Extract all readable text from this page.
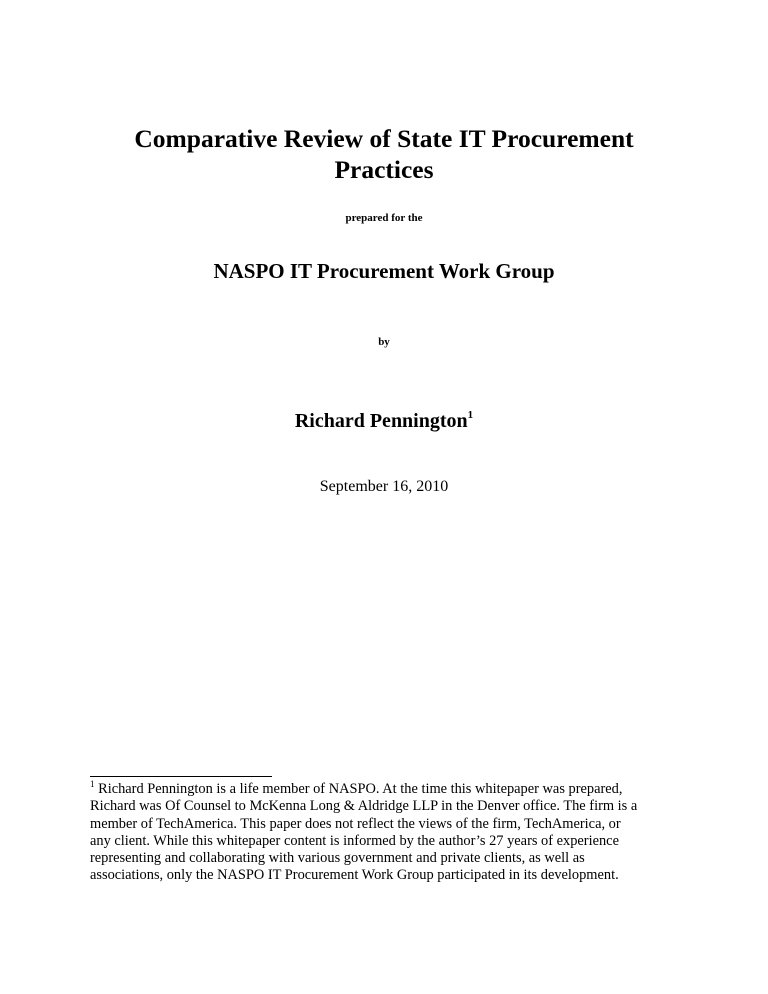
Comparative Review of State IT Procurement
Practices
prepared for the
NASPO IT Procurement Work Group
by
Richard Pennington$^1$
September 16, 2010
$^1$ Richard Pennington is a life member of NASPO. At the time this whitepaper was prepared,
Richard was Of Counsel to McKenna Long & Aldridge LLP in the Denver office. The firm is a
member of TechAmerica. This paper does not reflect the views of the firm, TechAmerica, or
any client. While this whitepaper content is informed by the author’s 27 years of experience
representing and collaborating with various government and private clients, as well as
associations, only the NASPO IT Procurement Work Group participated in its development.
